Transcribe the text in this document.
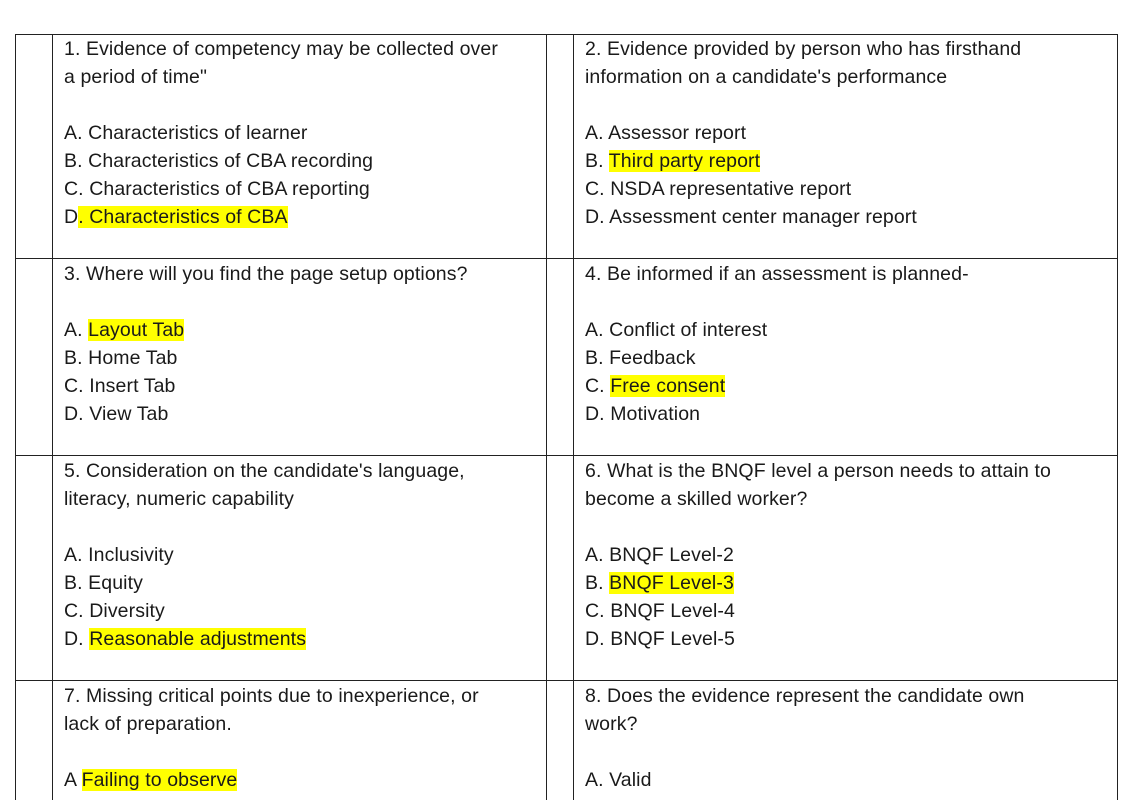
1. Evidence of competency may be collected over

a period of time"

A. Characteristics of learner

B. Characteristics of CBA recording

C. Characteristics of CBA reporting

D. Characteristics of CBA

2. Evidence provided by person who has firsthand

information on a candidate's performance

A. Assessor report

B. Third party report

C. NSDA representative report

D. Assessment center manager report

3. Where will you find the page setup options?

A. Layout Tab

B. Home Tab

C. Insert Tab

D. View Tab

4. Be informed if an assessment is planned-

A. Conflict of interest

B. Feedback

C. Free consent

D. Motivation

5. Consideration on the candidate's language,

literacy, numeric capability

A. Inclusivity

B. Equity

C. Diversity

D. Reasonable adjustments

6. What is the BNQF level a person needs to attain to

become a skilled worker?

A. BNQF Level-2

B. BNQF Level-3

C. BNQF Level-4

D. BNQF Level-5

7. Missing critical points due to inexperience, or

lack of preparation.

A Failing to observe

8. Does the evidence represent the candidate own

work?

A. Valid
